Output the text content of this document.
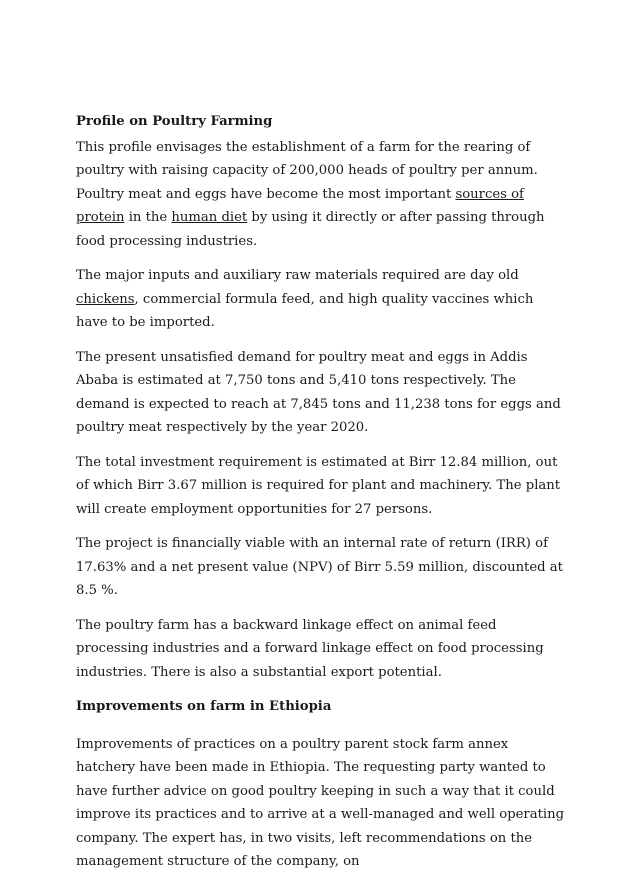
Profile on Poultry Farming

This profile envisages the establishment of a farm for the rearing of poultry with raising capacity of 200,000 heads of poultry per annum. Poultry meat and eggs have become the most important sources of protein in the human diet by using it directly or after passing through food processing industries.

The major inputs and auxiliary raw materials required are day old chickens, commercial formula feed, and high quality vaccines which have to be imported.

The present unsatisfied demand for poultry meat and eggs in Addis Ababa is estimated at 7,750 tons and 5,410 tons respectively. The demand is expected to reach at 7,845 tons and 11,238 tons for eggs and poultry meat respectively by the year 2020.

The total investment requirement is estimated at Birr 12.84 million, out of which Birr 3.67 million is required for plant and machinery. The plant will create employment opportunities for 27 persons.

The project is financially viable with an internal rate of return (IRR) of 17.63% and a net present value (NPV) of Birr 5.59 million, discounted at 8.5 %.

The poultry farm has a backward linkage effect on animal feed processing industries and a forward linkage effect on food processing industries. There is also a substantial export potential.

Improvements on farm in Ethiopia

Improvements of practices on a poultry parent stock farm annex hatchery have been made in Ethiopia. The requesting party wanted to have further advice on good poultry keeping in such a way that it could improve its practices and to arrive at a well-managed and well operating company. The expert has, in two visits, left recommendations on the management structure of the company, on
